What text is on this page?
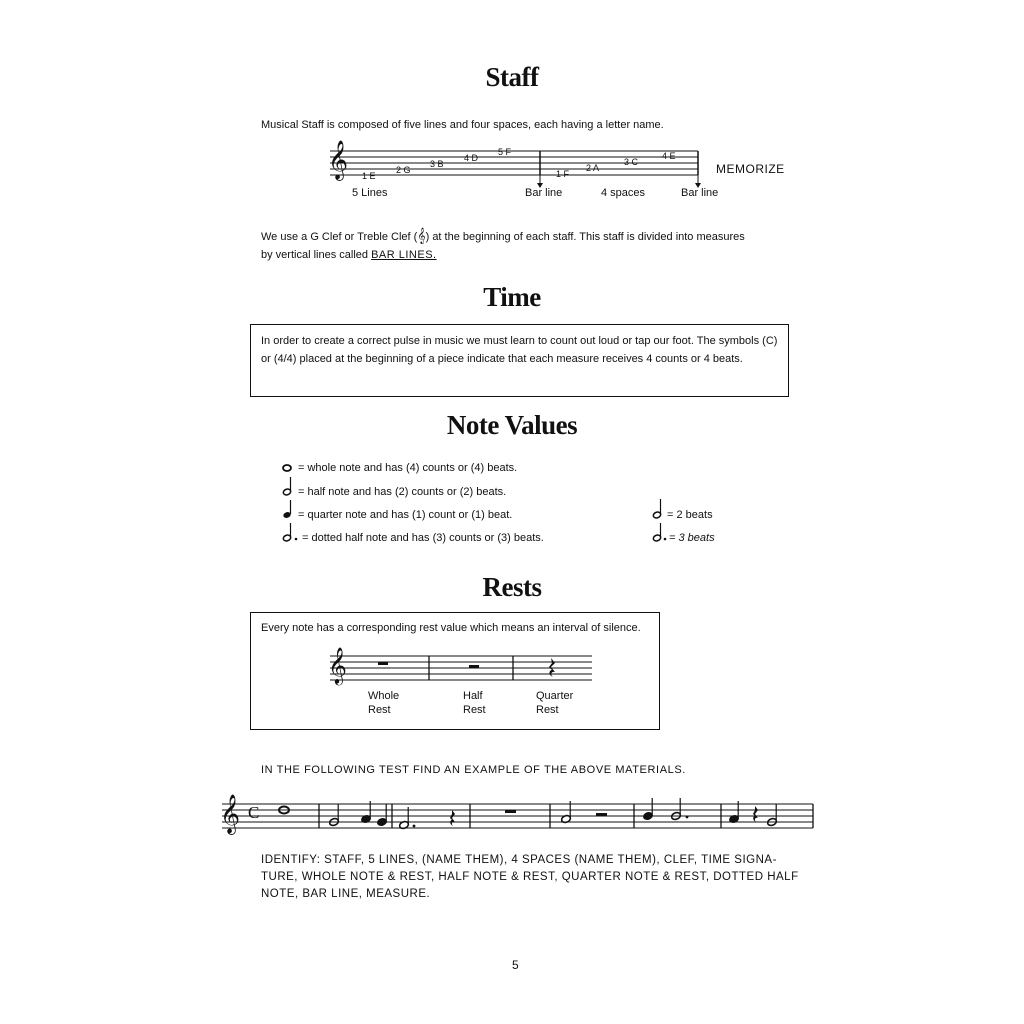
Staff
Musical Staff is composed of five lines and four spaces, each having a letter name.
𝄞 1 E
2 G
3 B
4 D
5 F
1 F
2 A
3 C
4 E
5 Lines	Bar line	4 spaces	Bar line
MEMORIZE
We use a G Clef or Treble Clef (𝄞) at the beginning of each staff. This staff is divided into measures
by vertical lines called BAR LINES.
Time
In order to create a correct pulse in music we must learn to count out loud or tap our foot. The symbols (C) or (4/4) placed at the beginning of a piece indicate that each measure receives 4 counts or 4 beats.
Note Values
= whole note and has (4) counts or (4) beats.
= half note and has (2) counts or (2) beats.
= quarter note and has (1) count or (1) beat.
= dotted half note and has (3) counts or (3) beats.
= 2 beats
= 3 beats
Rests
Every note has a corresponding rest value which means an interval of silence.
𝄞
Whole
Rest
Half
Rest
Quarter
Rest
IN THE FOLLOWING TEST FIND AN EXAMPLE OF THE ABOVE MATERIALS.
𝄞 C
IDENTIFY: STAFF, 5 LINES, (NAME THEM), 4 SPACES (NAME THEM), CLEF, TIME SIGNA-
TURE, WHOLE NOTE & REST, HALF NOTE & REST, QUARTER NOTE & REST, DOTTED HALF
NOTE, BAR LINE, MEASURE.
5
